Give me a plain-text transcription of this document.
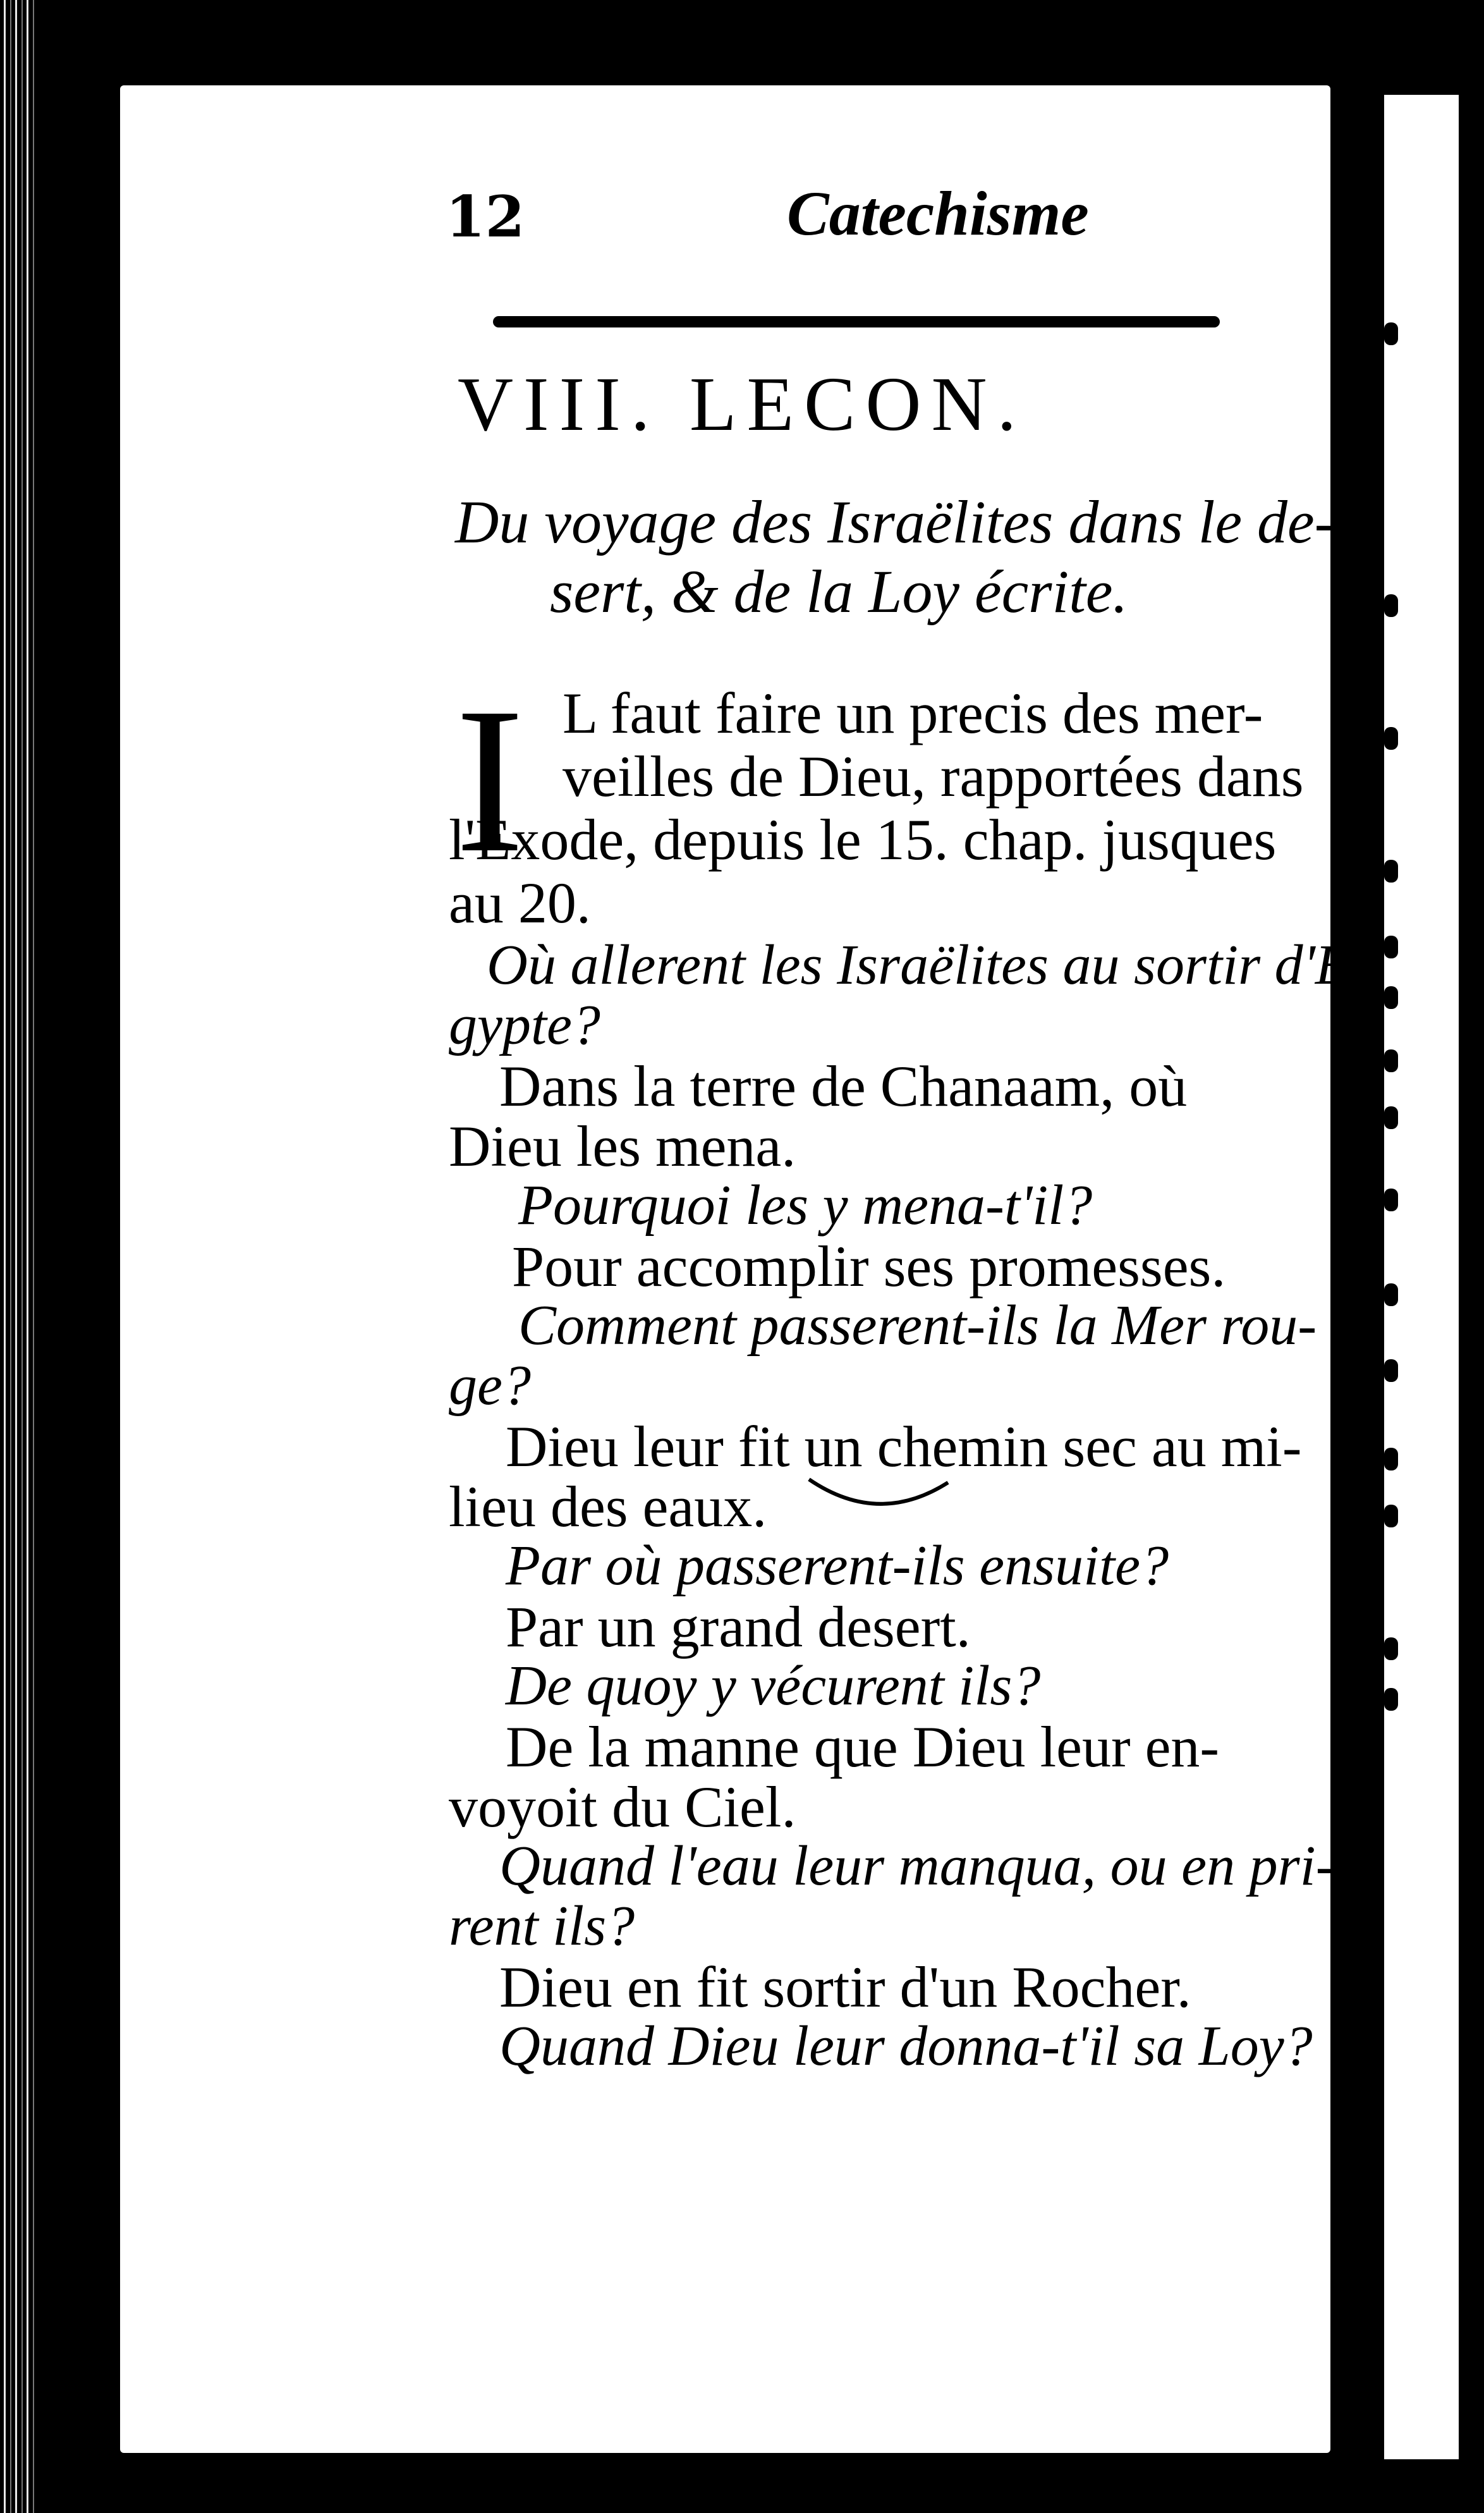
12	Catechisme
VIII. LECON.
Du voyage des Israëlites dans le de-
sert, & de la Loy écrite.
I L faut faire un precis des mer-
veilles de Dieu, rapportées dans
l'Exode, depuis le 15. chap. jusques
au 20.
Où allerent les Israëlites au sortir d'E-
gypte?
Dans la terre de Chanaam, où
Dieu les mena.
Pourquoi les y mena-t'il?
Pour accomplir ses promesses.
Comment passerent-ils la Mer rou-
ge?
Dieu leur fit un chemin sec au mi-
lieu des eaux.
Par où passerent-ils ensuite?
Par un grand desert.
De quoy y vécurent ils?
De la manne que Dieu leur en-
voyoit du Ciel.
Quand l'eau leur manqua, ou en pri-
rent ils?
Dieu en fit sortir d'un Rocher.
Quand Dieu leur donna-t'il sa Loy?
